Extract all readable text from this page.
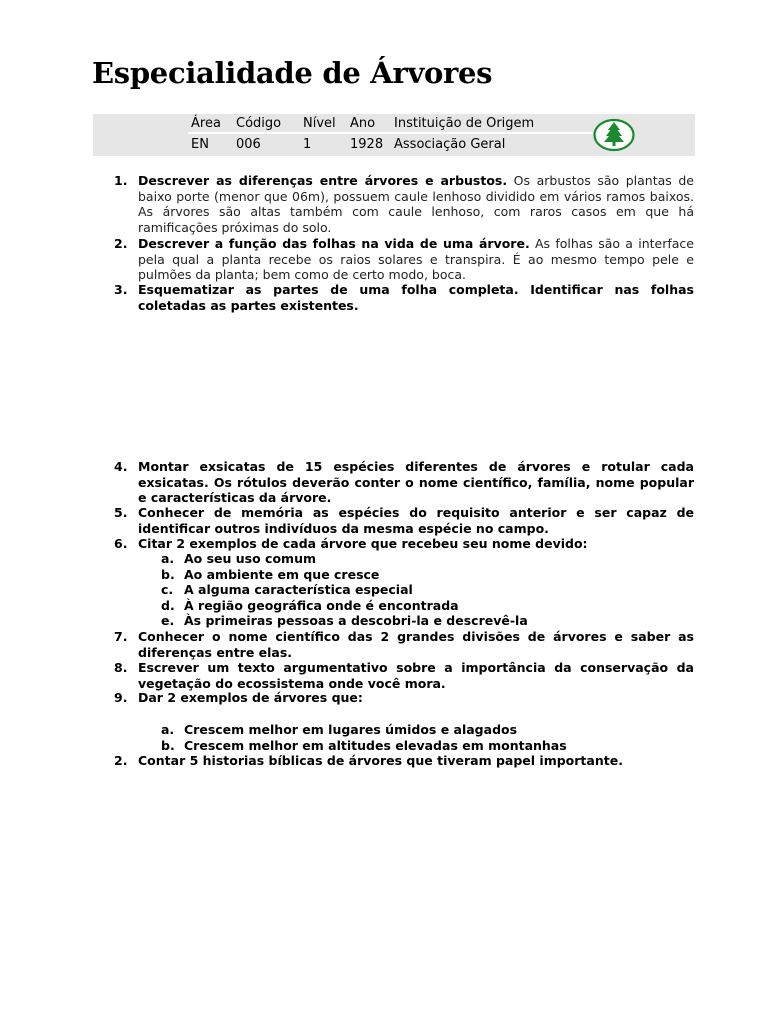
Especialidade de Árvores
Área Código Nível Ano Instituição de Origem
EN 006	1	1928 Associação Geral
1. Descrever as diferenças entre árvores e arbustos. Os arbustos são plantas de baixo porte (menor que 06m), possuem caule lenhoso dividido em vários ramos baixos. As árvores são altas também com caule lenhoso, com raros casos em que há ramificações próximas do solo.
2. Descrever a função das folhas na vida de uma árvore. As folhas são a interface pela qual a planta recebe os raios solares e transpira. É ao mesmo tempo pele e pulmões da planta; bem como de certo modo, boca.
3. Esquematizar as partes de uma folha completa. Identificar nas folhas coletadas as partes existentes.
4. Montar exsicatas de 15 espécies diferentes de árvores e rotular cada exsicatas. Os rótulos deverão conter o nome científico, família, nome popular e características da árvore.
5. Conhecer de memória as espécies do requisito anterior e ser capaz de identificar outros indivíduos da mesma espécie no campo.
6. Citar 2 exemplos de cada árvore que recebeu seu nome devido:
a. Ao seu uso comum
b. Ao ambiente em que cresce
c. A alguma característica especial
d. À região geográfica onde é encontrada
e. Às primeiras pessoas a descobri-la e descrevê-la
7. Conhecer o nome científico das 2 grandes divisões de árvores e saber as diferenças entre elas.
8. Escrever um texto argumentativo sobre a importância da conservação da vegetação do ecossistema onde você mora.
9. Dar 2 exemplos de árvores que:
a. Crescem melhor em lugares úmidos e alagados
b. Crescem melhor em altitudes elevadas em montanhas
2. Contar 5 historias bíblicas de árvores que tiveram papel importante.
